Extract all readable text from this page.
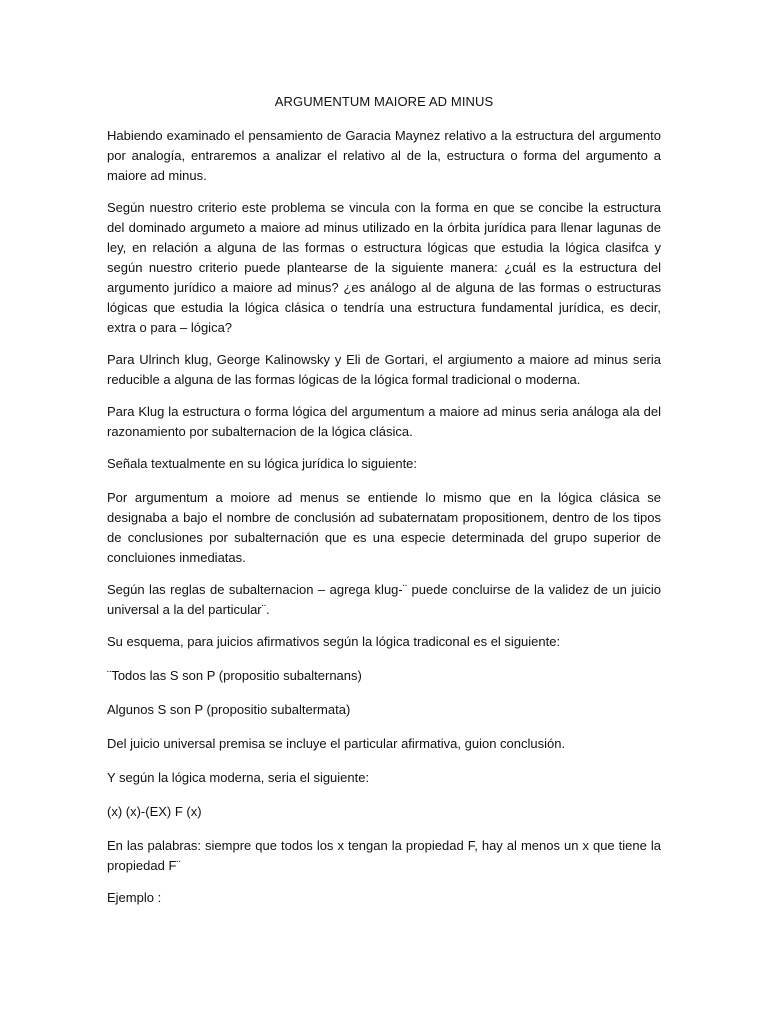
ARGUMENTUM MAIORE AD MINUS

Habiendo examinado el pensamiento de Garacia Maynez relativo a la estructura del argumento por analogía, entraremos a analizar el relativo al de la, estructura o forma del argumento a maiore ad minus.

Según nuestro criterio este problema se vincula con la forma en que se concibe la estructura del dominado argumeto a maiore ad minus utilizado en la órbita jurídica para llenar lagunas de ley, en relación a alguna de las formas o estructura lógicas que estudia la lógica clasifca y según nuestro criterio puede plantearse de la siguiente manera: ¿cuál es la estructura del argumento jurídico a maiore ad minus? ¿es análogo al de alguna de las formas o estructuras lógicas que estudia la lógica clásica o tendría una estructura fundamental jurídica, es decir, extra o para – lógica?

Para Ulrinch klug, George Kalinowsky y Eli de Gortari, el argiumento a maiore ad minus seria reducible a alguna de las formas lógicas de la lógica formal tradicional o moderna.

Para Klug la estructura o forma lógica del argumentum a maiore ad minus seria análoga ala del razonamiento por subalternacion de la lógica clásica.

Señala textualmente en su lógica jurídica lo siguiente:

Por argumentum a moiore ad menus se entiende lo mismo que en la lógica clásica se designaba a bajo el nombre de conclusión ad subaternatam propositionem, dentro de los tipos de conclusiones por subalternación que es una especie determinada del grupo superior de concluiones inmediatas.

Según las reglas de subalternacion – agrega klug-¨ puede concluirse de la validez de un juicio universal a la del particular¨.

Su esquema, para juicios afirmativos según la lógica tradiconal es el siguiente:

¨Todos las S son P (propositio subalternans)

Algunos S son P (propositio subaltermata)

Del juicio universal premisa se incluye el particular afirmativa, guion conclusión.

Y según la lógica moderna, seria el siguiente:

(x) (x)-(EX) F (x)

En las palabras: siempre que todos los x tengan la propiedad F, hay al menos un x que tiene la propiedad F¨

Ejemplo :
